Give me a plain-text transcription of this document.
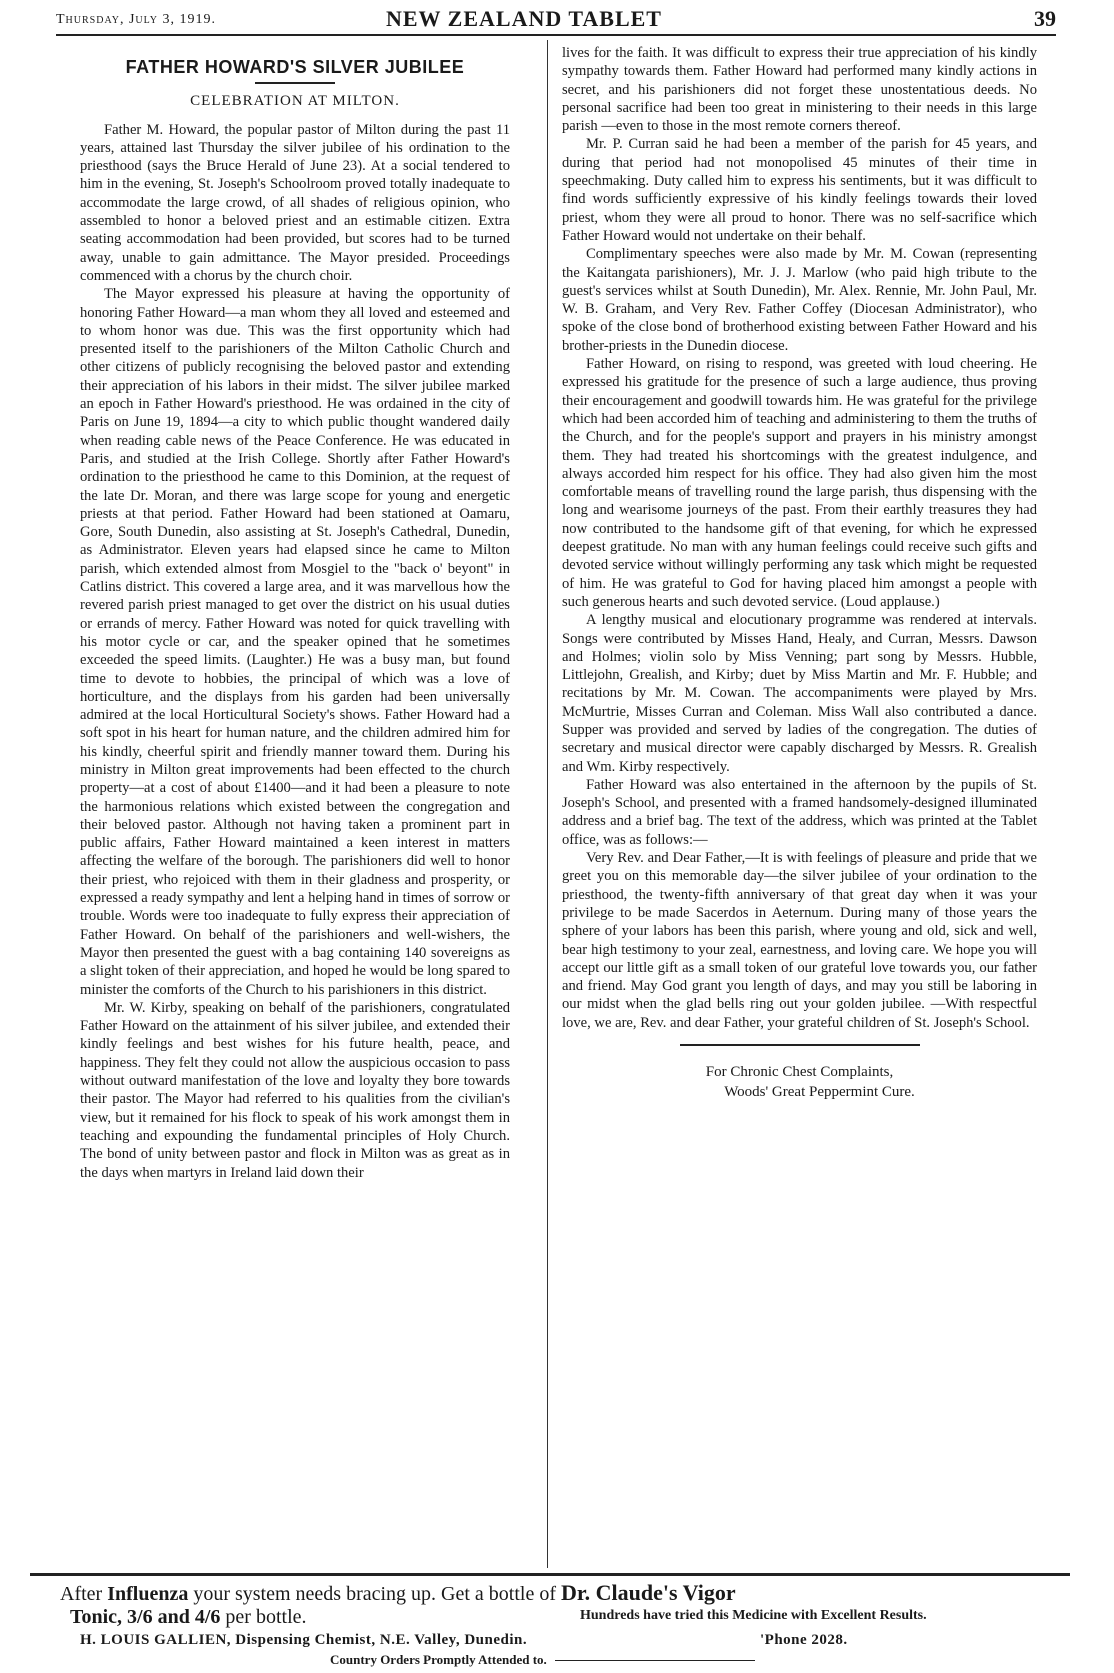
Thursday, July 3, 1919.	NEW ZEALAND TABLET	39
FATHER HOWARD'S SILVER JUBILEE
CELEBRATION AT MILTON.

Father M. Howard, the popular pastor of Milton during the past 11 years, attained last Thursday the silver jubilee of his ordination to the priesthood (says the Bruce Herald of June 23). At a social tendered to him in the evening, St. Joseph's Schoolroom proved totally inadequate to accommodate the large crowd, of all shades of religious opinion, who assembled to honor a beloved priest and an estimable citizen. Extra seating accommodation had been provided, but scores had to be turned away, unable to gain admittance. The Mayor presided. Proceedings commenced with a chorus by the church choir.

The Mayor expressed his pleasure at having the opportunity of honoring Father Howard—a man whom they all loved and esteemed and to whom honor was due. This was the first opportunity which had presented itself to the parishioners of the Milton Catholic Church and other citizens of publicly recognising the beloved pastor and extending their appreciation of his labors in their midst. The silver jubilee marked an epoch in Father Howard's priesthood. He was ordained in the city of Paris on June 19, 1894—a city to which public thought wandered daily when reading cable news of the Peace Conference. He was educated in Paris, and studied at the Irish College. Shortly after Father Howard's ordination to the priesthood he came to this Dominion, at the request of the late Dr. Moran, and there was large scope for young and energetic priests at that period. Father Howard had been stationed at Oamaru, Gore, South Dunedin, also assisting at St. Joseph's Cathedral, Dunedin, as Administrator. Eleven years had elapsed since he came to Milton parish, which extended almost from Mosgiel to the "back o' beyont" in Catlins district. This covered a large area, and it was marvellous how the revered parish priest managed to get over the district on his usual duties or errands of mercy. Father Howard was noted for quick travelling with his motor cycle or car, and the speaker opined that he sometimes exceeded the speed limits. (Laughter.) He was a busy man, but found time to devote to hobbies, the principal of which was a love of horticulture, and the displays from his garden had been universally admired at the local Horticultural Society's shows. Father Howard had a soft spot in his heart for human nature, and the children admired him for his kindly, cheerful spirit and friendly manner toward them. During his ministry in Milton great improvements had been effected to the church property—at a cost of about £1400—and it had been a pleasure to note the harmonious relations which existed between the congregation and their beloved pastor. Although not having taken a prominent part in public affairs, Father Howard maintained a keen interest in matters affecting the welfare of the borough. The parishioners did well to honor their priest, who rejoiced with them in their gladness and prosperity, or expressed a ready sympathy and lent a helping hand in times of sorrow or trouble. Words were too inadequate to fully express their appreciation of Father Howard. On behalf of the parishioners and well-wishers, the Mayor then presented the guest with a bag containing 140 sovereigns as a slight token of their appreciation, and hoped he would be long spared to minister the comforts of the Church to his parishioners in this district.

Mr. W. Kirby, speaking on behalf of the parishioners, congratulated Father Howard on the attainment of his silver jubilee, and extended their kindly feelings and best wishes for his future health, peace, and happiness. They felt they could not allow the auspicious occasion to pass without outward manifestation of the love and loyalty they bore towards their pastor. The Mayor had referred to his qualities from the civilian's view, but it remained for his flock to speak of his work amongst them in teaching and expounding the fundamental principles of Holy Church. The bond of unity between pastor and flock in Milton was as great as in the days when martyrs in Ireland laid down their

lives for the faith. It was difficult to express their true appreciation of his kindly sympathy towards them. Father Howard had performed many kindly actions in secret, and his parishioners did not forget these unostentatious deeds. No personal sacrifice had been too great in ministering to their needs in this large parish —even to those in the most remote corners thereof.

Mr. P. Curran said he had been a member of the parish for 45 years, and during that period had not monopolised 45 minutes of their time in speechmaking. Duty called him to express his sentiments, but it was difficult to find words sufficiently expressive of his kindly feelings towards their loved priest, whom they were all proud to honor. There was no self-sacrifice which Father Howard would not undertake on their behalf.

Complimentary speeches were also made by Mr. M. Cowan (representing the Kaitangata parishioners), Mr. J. J. Marlow (who paid high tribute to the guest's services whilst at South Dunedin), Mr. Alex. Rennie, Mr. John Paul, Mr. W. B. Graham, and Very Rev. Father Coffey (Diocesan Administrator), who spoke of the close bond of brotherhood existing between Father Howard and his brother-priests in the Dunedin diocese.

Father Howard, on rising to respond, was greeted with loud cheering. He expressed his gratitude for the presence of such a large audience, thus proving their encouragement and goodwill towards him. He was grateful for the privilege which had been accorded him of teaching and administering to them the truths of the Church, and for the people's support and prayers in his ministry amongst them. They had treated his shortcomings with the greatest indulgence, and always accorded him respect for his office. They had also given him the most comfortable means of travelling round the large parish, thus dispensing with the long and wearisome journeys of the past. From their earthly treasures they had now contributed to the handsome gift of that evening, for which he expressed deepest gratitude. No man with any human feelings could receive such gifts and devoted service without willingly performing any task which might be requested of him. He was grateful to God for having placed him amongst a people with such generous hearts and such devoted service. (Loud applause.)

A lengthy musical and elocutionary programme was rendered at intervals. Songs were contributed by Misses Hand, Healy, and Curran, Messrs. Dawson and Holmes; violin solo by Miss Venning; part song by Messrs. Hubble, Littlejohn, Grealish, and Kirby; duet by Miss Martin and Mr. F. Hubble; and recitations by Mr. M. Cowan. The accompaniments were played by Mrs. McMurtrie, Misses Curran and Coleman. Miss Wall also contributed a dance. Supper was provided and served by ladies of the congregation. The duties of secretary and musical director were capably discharged by Messrs. R. Grealish and Wm. Kirby respectively.

Father Howard was also entertained in the afternoon by the pupils of St. Joseph's School, and presented with a framed handsomely-designed illuminated address and a brief bag. The text of the address, which was printed at the Tablet office, was as follows:—

Very Rev. and Dear Father,—It is with feelings of pleasure and pride that we greet you on this memorable day—the silver jubilee of your ordination to the priesthood, the twenty-fifth anniversary of that great day when it was your privilege to be made Sacerdos in Aeternum. During many of those years the sphere of your labors has been this parish, where young and old, sick and well, bear high testimony to your zeal, earnestness, and loving care. We hope you will accept our little gift as a small token of our grateful love towards you, our father and friend. May God grant you length of days, and may you still be laboring in our midst when the glad bells ring out your golden jubilee. —With respectful love, we are, Rev. and dear Father, your grateful children of St. Joseph's School.

For Chronic Chest Complaints,
Woods' Great Peppermint Cure.
After Influenza your system needs bracing up. Get a bottle of Dr. Claude's Vigor
Tonic, 3/6 and 4/6 per bottle.	Hundreds have tried this Medicine with Excellent Results.
H. LOUIS GALLIEN, Dispensing Chemist, N.E. Valley, Dunedin.	'Phone 2028.
Country Orders Promptly Attended to.
